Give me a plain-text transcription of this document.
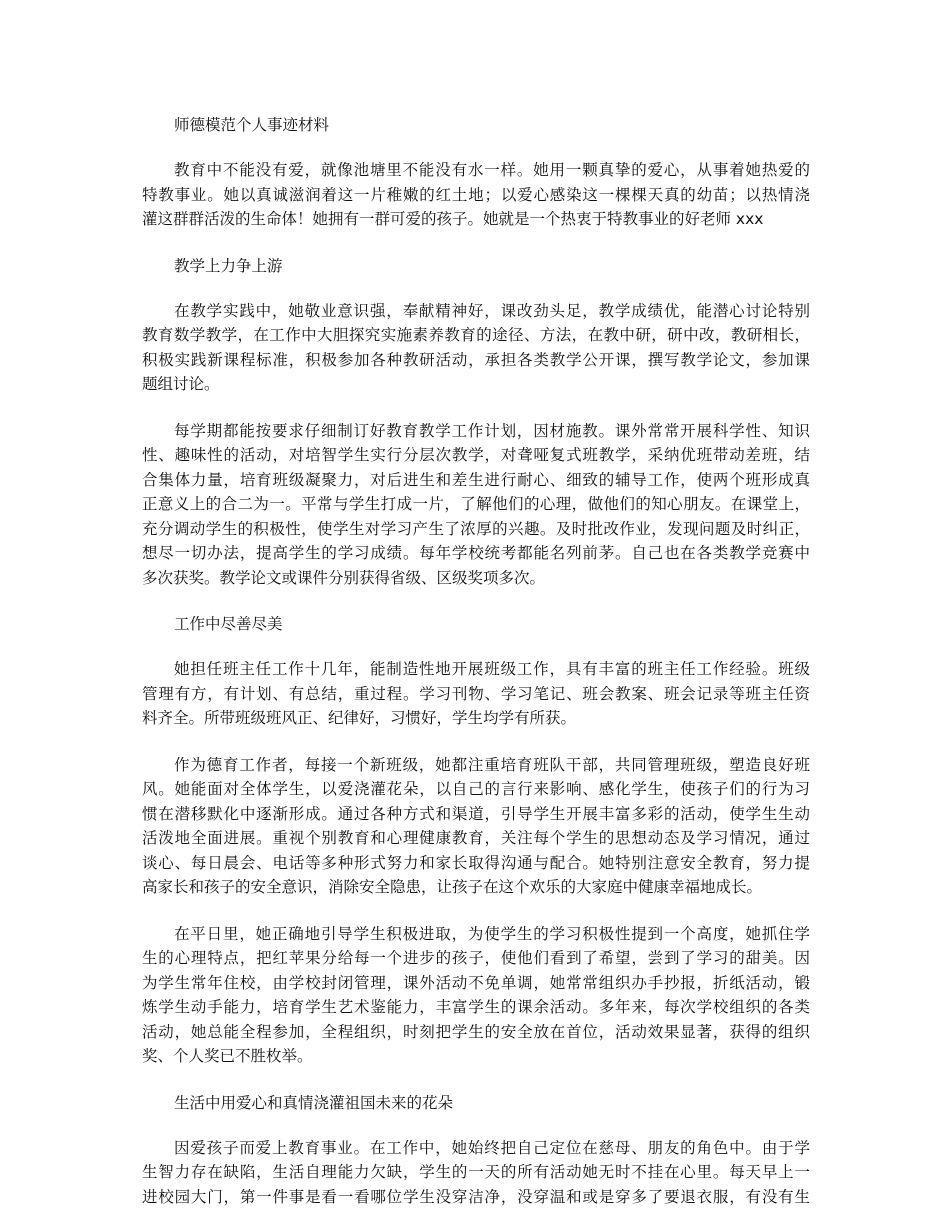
师德模范个人事迹材料
教育中不能没有爱，就像池塘里不能没有水一样。她用一颗真挚的爱心，从事着她热爱的
特教事业。她以真诚滋润着这一片稚嫩的红土地；以爱心感染这一棵棵天真的幼苗；以热情浇
灌这群群活泼的生命体！她拥有一群可爱的孩子。她就是一个热衷于特教事业的好老师 xxx
教学上力争上游
在教学实践中，她敬业意识强，奉献精神好，课改劲头足，教学成绩优，能潜心讨论特别
教育数学教学，在工作中大胆探究实施素养教育的途径、方法，在教中研，研中改，教研相长，
积极实践新课程标准，积极参加各种教研活动，承担各类教学公开课，撰写教学论文，参加课
题组讨论。
每学期都能按要求仔细制订好教育教学工作计划，因材施教。课外常常开展科学性、知识
性、趣味性的活动，对培智学生实行分层次教学，对聋哑复式班教学，采纳优班带动差班，结
合集体力量，培育班级凝聚力，对后进生和差生进行耐心、细致的辅导工作，使两个班形成真
正意义上的合二为一。平常与学生打成一片，了解他们的心理，做他们的知心朋友。在课堂上，
充分调动学生的积极性，使学生对学习产生了浓厚的兴趣。及时批改作业，发现问题及时纠正，
想尽一切办法，提高学生的学习成绩。每年学校统考都能名列前茅。自己也在各类教学竞赛中
多次获奖。教学论文或课件分别获得省级、区级奖项多次。
工作中尽善尽美
她担任班主任工作十几年，能制造性地开展班级工作，具有丰富的班主任工作经验。班级
管理有方，有计划、有总结，重过程。学习刊物、学习笔记、班会教案、班会记录等班主任资
料齐全。所带班级班风正、纪律好，习惯好，学生均学有所获。
作为德育工作者，每接一个新班级，她都注重培育班队干部，共同管理班级，塑造良好班
风。她能面对全体学生，以爱浇灌花朵，以自己的言行来影响、感化学生，使孩子们的行为习
惯在潜移默化中逐渐形成。通过各种方式和渠道，引导学生开展丰富多彩的活动，使学生生动
活泼地全面进展。重视个别教育和心理健康教育，关注每个学生的思想动态及学习情况，通过
谈心、每日晨会、电话等多种形式努力和家长取得沟通与配合。她特别注意安全教育，努力提
高家长和孩子的安全意识，消除安全隐患，让孩子在这个欢乐的大家庭中健康幸福地成长。
在平日里，她正确地引导学生积极进取，为使学生的学习积极性提到一个高度，她抓住学
生的心理特点，把红苹果分给每一个进步的孩子，使他们看到了希望，尝到了学习的甜美。因
为学生常年住校，由学校封闭管理，课外活动不免单调，她常常组织办手抄报，折纸活动，锻
炼学生动手能力，培育学生艺术鉴能力，丰富学生的课余活动。多年来，每次学校组织的各类
活动，她总能全程参加，全程组织，时刻把学生的安全放在首位，活动效果显著，获得的组织
奖、个人奖已不胜枚举。
生活中用爱心和真情浇灌祖国未来的花朵
因爱孩子而爱上教育事业。在工作中，她始终把自己定位在慈母、朋友的角色中。由于学
生智力存在缺陷，生活自理能力欠缺，学生的一天的所有活动她无时不挂在心里。每天早上一
进校园大门，第一件事是看一看哪位学生没穿洁净，没穿温和或是穿多了要退衣服，有没有生
